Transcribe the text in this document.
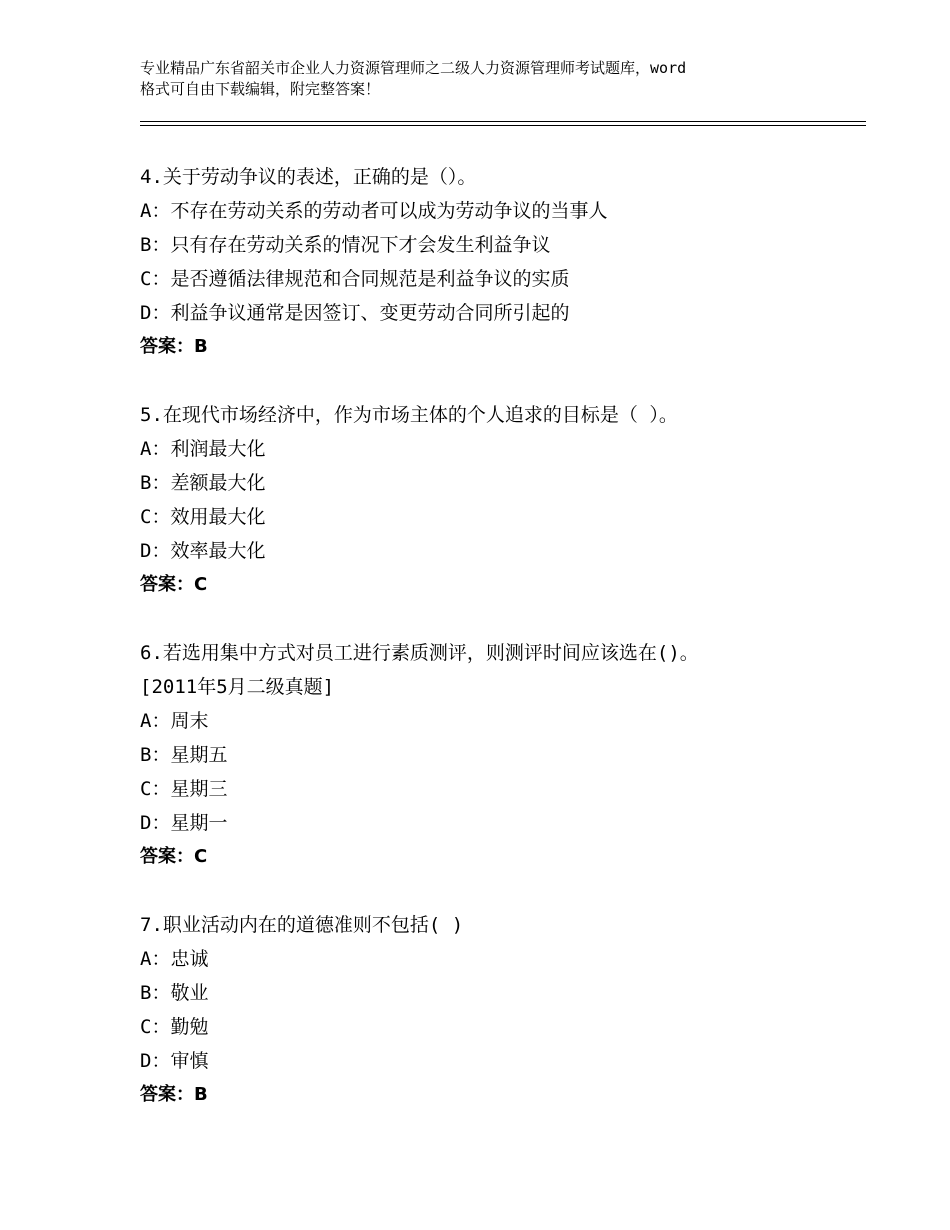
专业精品广东省韶关市企业人力资源管理师之二级人力资源管理师考试题库，word
格式可自由下载编辑，附完整答案！
4.关于劳动争议的表述，正确的是（）。
A：不存在劳动关系的劳动者可以成为劳动争议的当事人
B：只有存在劳动关系的情况下才会发生利益争议
C：是否遵循法律规范和合同规范是利益争议的实质
D：利益争议通常是因签订、变更劳动合同所引起的
答案：B
5.在现代市场经济中，作为市场主体的个人追求的目标是（ ）。
A：利润最大化
B：差额最大化
C：效用最大化
D：效率最大化
答案：C
6.若选用集中方式对员工进行素质测评，则测评时间应该选在()。
[2011年5月二级真题]
A：周末
B：星期五
C：星期三
D：星期一
答案：C
7.职业活动内在的道德准则不包括( )
A：忠诚
B：敬业
C：勤勉
D：审慎
答案：B
